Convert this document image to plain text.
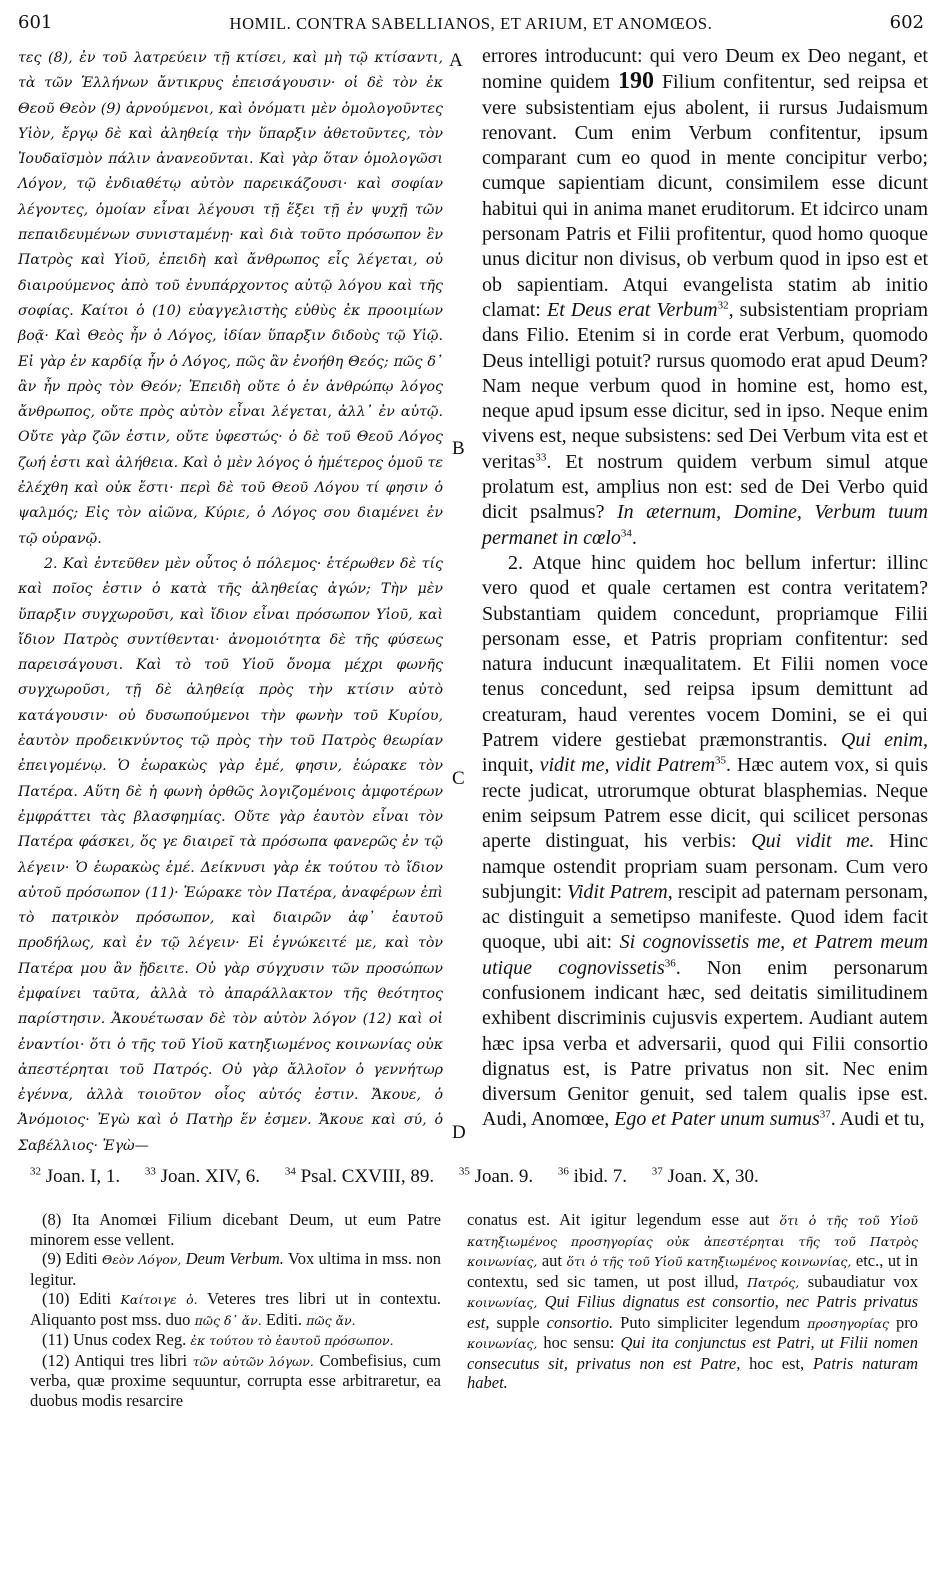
601	HOMIL. CONTRA SABELLIANOS, ET ARIUM, ET ANOMŒOS.	602

τες (8), ἐν τοῦ λατρεύειν τῇ κτίσει, καὶ μὴ τῷ κτίσαντι, τὰ τῶν Ἑλλήνων ἄντικρυς ἐπεισάγουσιν· οἱ δὲ τὸν ἐκ Θεοῦ Θεὸν (9) ἀρνούμενοι, καὶ ὀνόματι μὲν ὁμολογοῦντες Υἱὸν, ἔργῳ δὲ καὶ ἀληθείᾳ τὴν ὕπαρξιν ἀθετοῦντες, τὸν Ἰουδαϊσμὸν πάλιν ἀνανεοῦνται. Καὶ γὰρ ὅταν ὁμολογῶσι Λόγον, τῷ ἐνδιαθέτῳ αὐτὸν παρεικάζουσι· καὶ σοφίαν λέγοντες, ὁμοίαν εἶναι λέγουσι τῇ ἕξει τῇ ἐν ψυχῇ τῶν πεπαιδευμένων συνισταμένῃ· καὶ διὰ τοῦτο πρόσωπον ἓν Πατρὸς καὶ Υἱοῦ, ἐπειδὴ καὶ ἄνθρωπος εἷς λέγεται, οὐ διαιρούμενος ἀπὸ τοῦ ἐνυπάρχοντος αὐτῷ λόγου καὶ τῆς σοφίας. Καίτοι ὁ (10) εὐαγγελιστὴς εὐθὺς ἐκ προοιμίων βοᾷ· Καὶ Θεὸς ἦν ὁ Λόγος, ἰδίαν ὕπαρξιν διδοὺς τῷ Υἱῷ. Εἰ γὰρ ἐν καρδίᾳ ἦν ὁ Λόγος, πῶς ἂν ἐνοήθη Θεός; πῶς δ᾽ ἂν ἦν πρὸς τὸν Θεόν; Ἐπειδὴ οὔτε ὁ ἐν ἀνθρώπῳ λόγος ἄνθρωπος, οὔτε πρὸς αὐτὸν εἶναι λέγεται, ἀλλ᾽ ἐν αὐτῷ. Οὔτε γὰρ ζῶν ἐστιν, οὔτε ὑφεστώς· ὁ δὲ τοῦ Θεοῦ Λόγος ζωή ἐστι καὶ ἀλήθεια. Καὶ ὁ μὲν λόγος ὁ ἡμέτερος ὁμοῦ τε ἐλέχθη καὶ οὐκ ἔστι· περὶ δὲ τοῦ Θεοῦ Λόγου τί φησιν ὁ ψαλμός; Εἰς τὸν αἰῶνα, Κύριε, ὁ Λόγος σου διαμένει ἐν τῷ οὐρανῷ.

2. Καὶ ἐντεῦθεν μὲν οὗτος ὁ πόλεμος· ἑτέρωθεν δὲ τίς καὶ ποῖος ἐστιν ὁ κατὰ τῆς ἀληθείας ἀγών; Τὴν μὲν ὕπαρξιν συγχωροῦσι, καὶ ἴδιον εἶναι πρόσωπον Υἱοῦ, καὶ ἴδιον Πατρὸς συντίθενται· ἀνομοιότητα δὲ τῆς φύσεως παρεισάγουσι. Καὶ τὸ τοῦ Υἱοῦ ὄνομα μέχρι φωνῆς συγχωροῦσι, τῇ δὲ ἀληθείᾳ πρὸς τὴν κτίσιν αὐτὸ κατάγουσιν· οὐ δυσωπούμενοι τὴν φωνὴν τοῦ Κυρίου, ἑαυτὸν προδεικνύντος τῷ πρὸς τὴν τοῦ Πατρὸς θεωρίαν ἐπειγομένῳ. Ὁ ἑωρακὼς γὰρ ἐμέ, φησιν, ἑώρακε τὸν Πατέρα. Αὕτη δὲ ἡ φωνὴ ὀρθῶς λογιζομένοις ἀμφοτέρων ἐμφράττει τὰς βλασφημίας. Οὔτε γὰρ ἑαυτὸν εἶναι τὸν Πατέρα φάσκει, ὅς γε διαιρεῖ τὰ πρόσωπα φανερῶς ἐν τῷ λέγειν· Ὁ ἑωρακὼς ἐμέ. Δείκνυσι γὰρ ἐκ τούτου τὸ ἴδιον αὐτοῦ πρόσωπον (11)· Ἑώρακε τὸν Πατέρα, ἀναφέρων ἐπὶ τὸ πατρικὸν πρόσωπον, καὶ διαιρῶν ἀφ᾽ ἑαυτοῦ προδήλως, καὶ ἐν τῷ λέγειν· Εἰ ἐγνώκειτέ με, καὶ τὸν Πατέρα μου ἂν ᾔδειτε. Οὐ γὰρ σύγχυσιν τῶν προσώπων ἐμφαίνει ταῦτα, ἀλλὰ τὸ ἀπαράλλακτον τῆς θεότητος παρίστησιν. Ἀκουέτωσαν δὲ τὸν αὐτὸν λόγον (12) καὶ οἱ ἐναντίοι· ὅτι ὁ τῆς τοῦ Υἱοῦ κατηξιωμένος κοινωνίας οὐκ ἀπεστέρηται τοῦ Πατρός. Οὐ γὰρ ἄλλοῖον ὁ γεννήτωρ ἐγέννα, ἀλλὰ τοιοῦτον οἷος αὐτός ἐστιν. Ἄκουε, ὁ Ἀνόμοιος· Ἐγὼ καὶ ὁ Πατὴρ ἕν ἐσμεν. Ἄκουε καὶ σύ, ὁ Σαβέλλιος· Ἐγὼ—

A
B
C
D

errores introducunt: qui vero Deum ex Deo negant, et nomine quidem 190 Filium confitentur, sed reipsa et vere subsistentiam ejus abolent, ii rursus Judaismum renovant. Cum enim Verbum confitentur, ipsum comparant cum eo quod in mente concipitur verbo; cumque sapientiam dicunt, consimilem esse dicunt habitui qui in anima manet eruditorum. Et idcirco unam personam Patris et Filii profitentur, quod homo quoque unus dicitur non divisus, ob verbum quod in ipso est et ob sapientiam. Atqui evangelista statim ab initio clamat: Et Deus erat Verbum$^{32}$, subsistentiam propriam dans Filio. Etenim si in corde erat Verbum, quomodo Deus intelligi potuit? rursus quomodo erat apud Deum? Nam neque verbum quod in homine est, homo est, neque apud ipsum esse dicitur, sed in ipso. Neque enim vivens est, neque subsistens: sed Dei Verbum vita est et veritas$^{33}$. Et nostrum quidem verbum simul atque prolatum est, amplius non est: sed de Dei Verbo quid dicit psalmus? In æternum, Domine, Verbum tuum permanet in cœlo$^{34}$.

2. Atque hinc quidem hoc bellum infertur: illinc vero quod et quale certamen est contra veritatem? Substantiam quidem concedunt, propriamque Filii personam esse, et Patris propriam confitentur: sed natura inducunt inæqualitatem. Et Filii nomen voce tenus concedunt, sed reipsa ipsum demittunt ad creaturam, haud verentes vocem Domini, se ei qui Patrem videre gestiebat præmonstrantis. Qui enim, inquit, vidit me, vidit Patrem$^{35}$. Hæc autem vox, si quis recte judicat, utrorumque obturat blasphemias. Neque enim seipsum Patrem esse dicit, qui scilicet personas aperte distinguat, his verbis: Qui vidit me. Hinc namque ostendit propriam suam personam. Cum vero subjungit: Vidit Patrem, rescipit ad paternam personam, ac distinguit a semetipso manifeste. Quod idem facit quoque, ubi ait: Si cognovissetis me, et Patrem meum utique cognovissetis$^{36}$. Non enim personarum confusionem indicant hæc, sed deitatis similitudinem exhibent discriminis cujusvis expertem. Audiant autem hæc ipsa verba et adversarii, quod qui Filii consortio dignatus est, is Patre privatus non sit. Nec enim diversum Genitor genuit, sed talem qualis ipse est. Audi, Anomœe, Ego et Pater unum sumus$^{37}$. Audi et tu,

$^{32}$ Joan. I, 1. $^{33}$ Joan. XIV, 6. $^{34}$ Psal. CXVIII, 89. $^{35}$ Joan. 9. $^{36}$ ibid. 7. $^{37}$ Joan. X, 30.

(8) Ita Anomœi Filium dicebant Deum, ut eum Patre minorem esse vellent.

(9) Editi Θεὸν Λόγον, Deum Verbum. Vox ultima in mss. non legitur.

(10) Editi Καίτοιγε ὁ. Veteres tres libri ut in contextu. Aliquanto post mss. duo πῶς δ᾽ ἄν. Editi. πῶς ἄν.

(11) Unus codex Reg. ἐκ τούτου τὸ ἑαυτοῦ πρόσωπον.

(12) Antiqui tres libri τῶν αὐτῶν λόγων. Combefisius, cum verba, quæ proxime sequuntur, corrupta esse arbitraretur, ea duobus modis resarcire

conatus est. Ait igitur legendum esse aut ὅτι ὁ τῆς τοῦ Υἱοῦ κατηξιωμένος προσηγορίας οὐκ ἀπεστέρηται τῆς τοῦ Πατρὸς κοινωνίας, aut ὅτι ὁ τῆς τοῦ Υἱοῦ κατηξιωμένος κοινωνίας, etc., ut in contextu, sed sic tamen, ut post illud, Πατρός, subaudiatur vox κοινωνίας, Qui Filius dignatus est consortio, nec Patris privatus est, supple consortio. Puto simpliciter legendum προσηγορίας pro κοινωνίας, hoc sensu: Qui ita conjunctus est Patri, ut Filii nomen consecutus sit, privatus non est Patre, hoc est, Patris naturam habet.
